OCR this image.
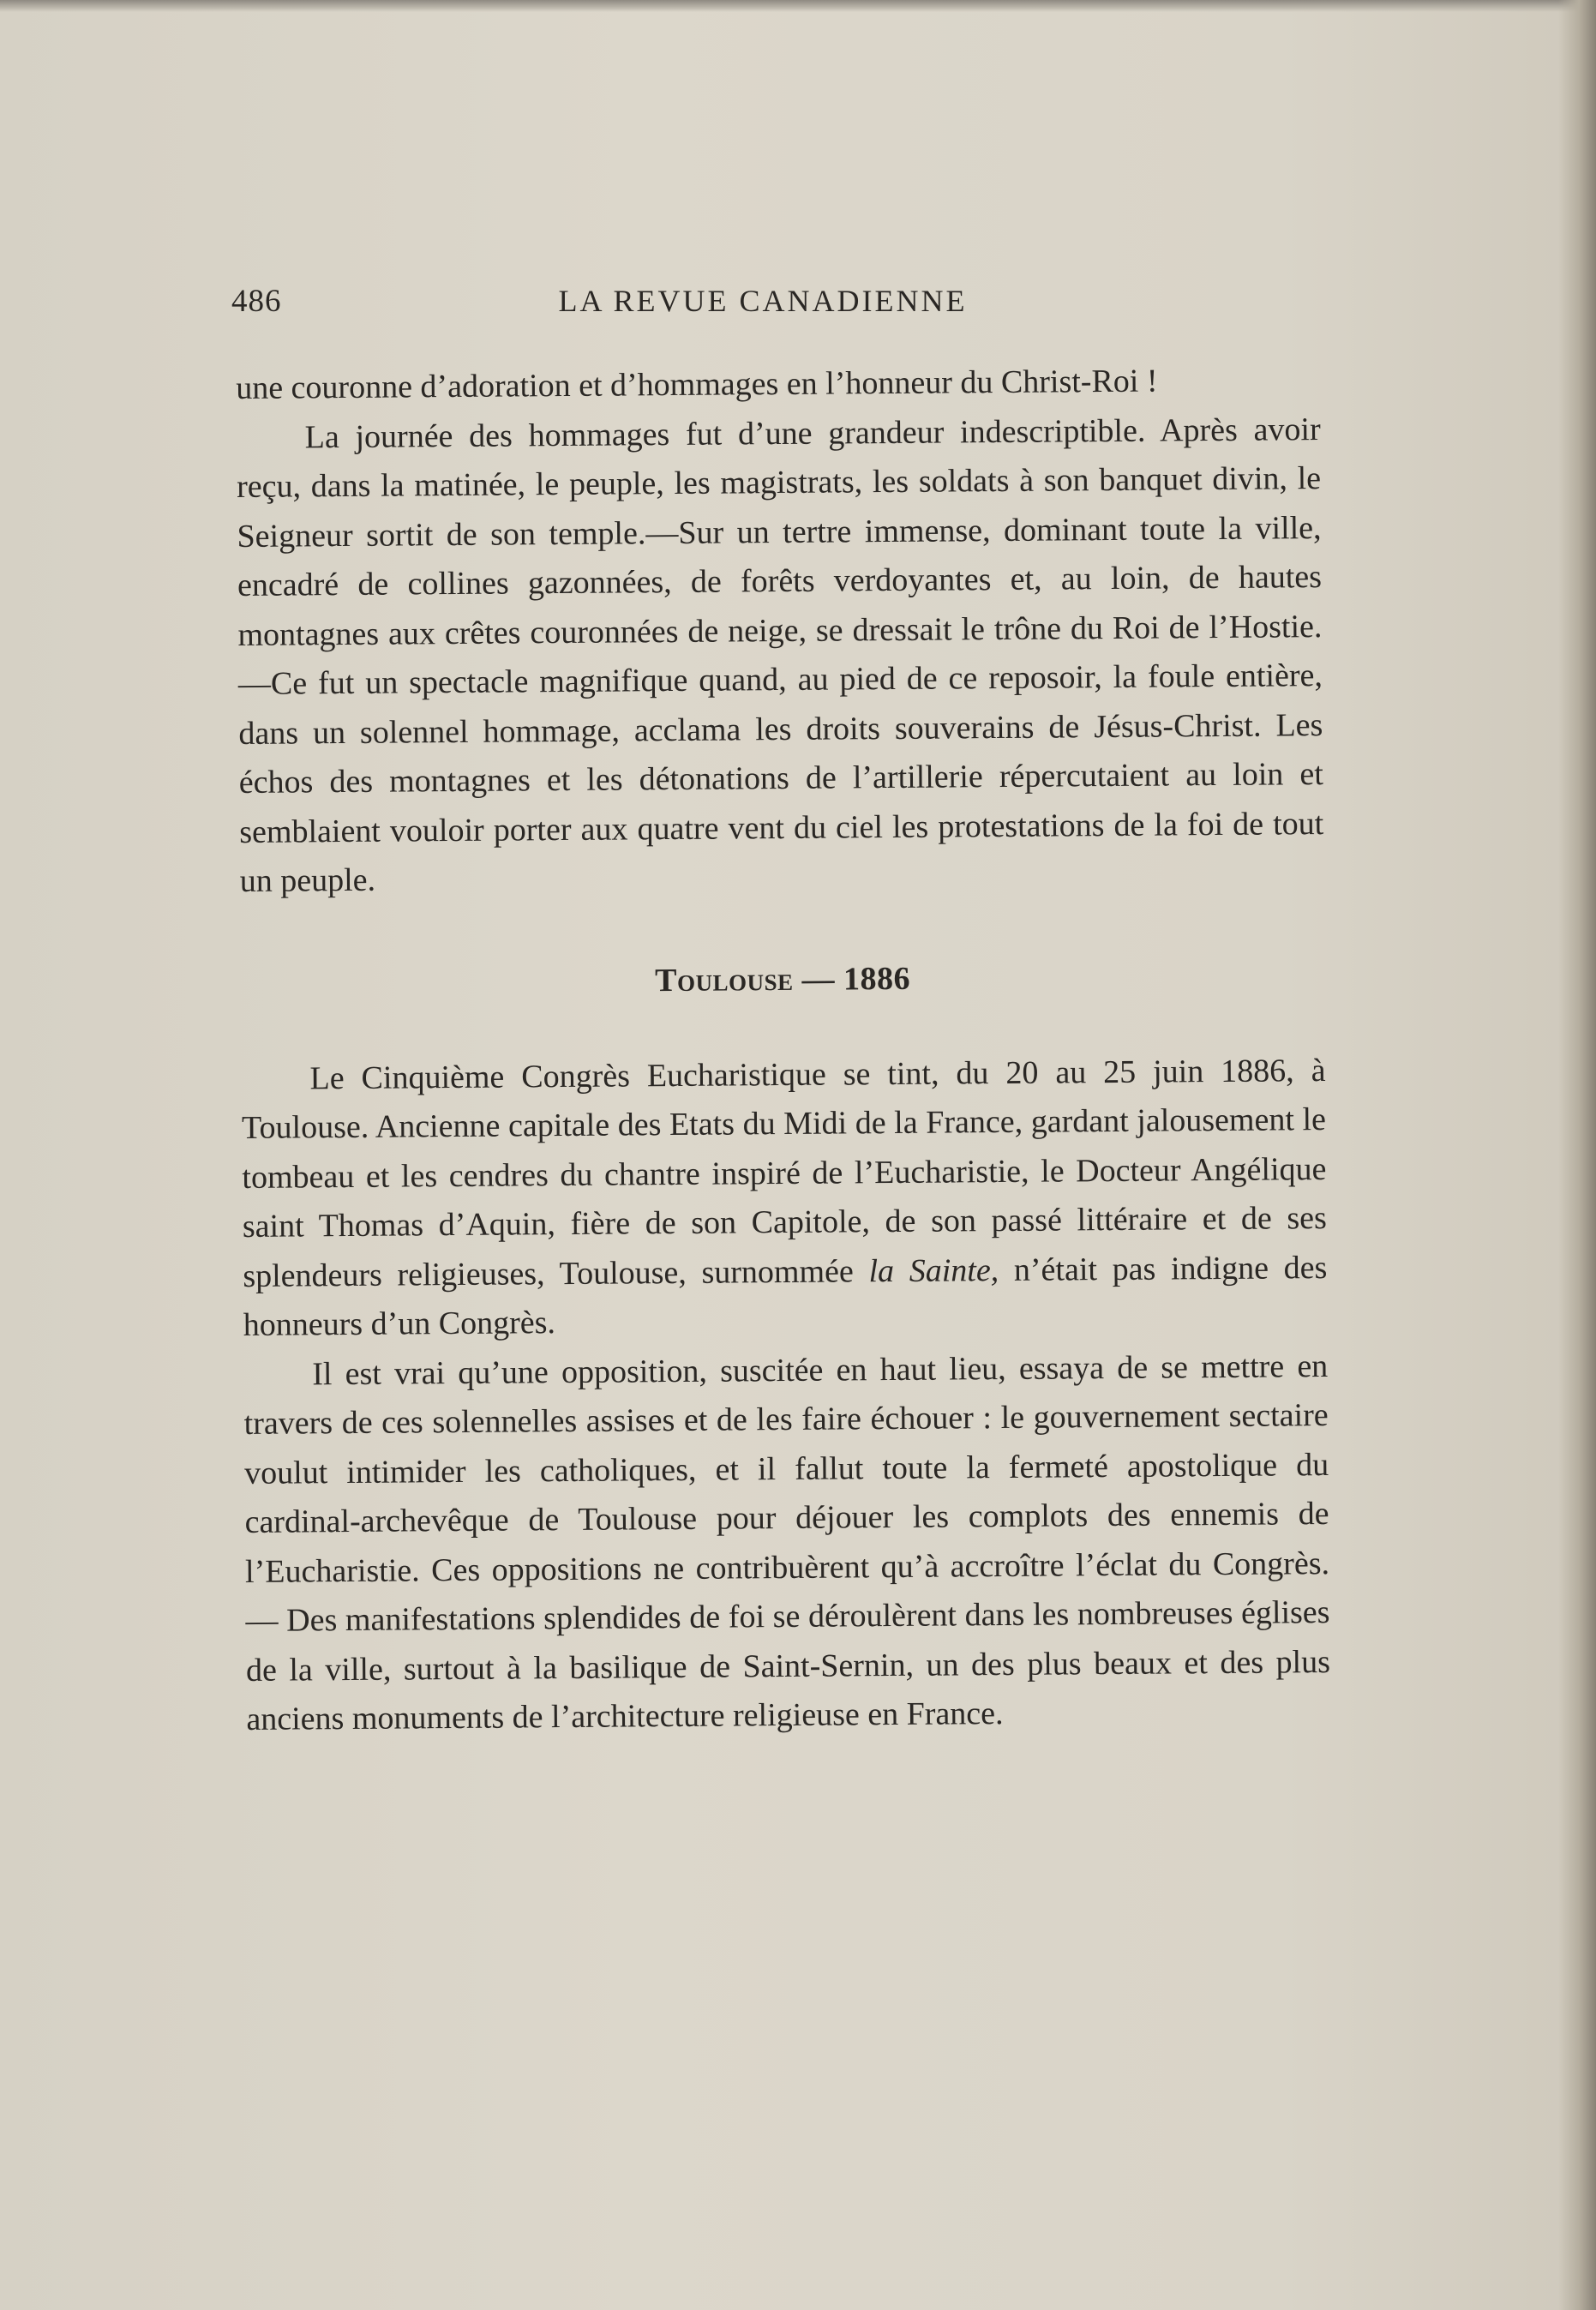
486	LA REVUE CANADIENNE

une couronne d’adoration et d’hommages en l’honneur du Christ-Roi !

La journée des hommages fut d’une grandeur indescriptible. Après avoir reçu, dans la matinée, le peuple, les magistrats, les soldats à son banquet divin, le Seigneur sortit de son temple.—Sur un tertre immense, dominant toute la ville, encadré de collines gazonnées, de forêts verdoyantes et, au loin, de hautes montagnes aux crêtes couronnées de neige, se dressait le trône du Roi de l’Hostie.—Ce fut un spectacle magnifique quand, au pied de ce reposoir, la foule entière, dans un solennel hommage, acclama les droits souverains de Jésus-Christ. Les échos des montagnes et les détonations de l’artillerie répercutaient au loin et semblaient vouloir porter aux quatre vent du ciel les protestations de la foi de tout un peuple.

Toulouse — 1886

Le Cinquième Congrès Eucharistique se tint, du 20 au 25 juin 1886, à Toulouse. Ancienne capitale des Etats du Midi de la France, gardant jalousement le tombeau et les cendres du chantre inspiré de l’Eucharistie, le Docteur Angélique saint Thomas d’Aquin, fière de son Capitole, de son passé littéraire et de ses splendeurs religieuses, Toulouse, surnommée la Sainte, n’était pas indigne des honneurs d’un Congrès.

Il est vrai qu’une opposition, suscitée en haut lieu, essaya de se mettre en travers de ces solennelles assises et de les faire échouer : le gouvernement sectaire voulut intimider les catholiques, et il fallut toute la fermeté apostolique du cardinal-archevêque de Toulouse pour déjouer les complots des ennemis de l’Eucharistie. Ces oppositions ne contribuèrent qu’à accroître l’éclat du Congrès. — Des manifestations splendides de foi se déroulèrent dans les nombreuses églises de la ville, surtout à la basilique de Saint-Sernin, un des plus beaux et des plus anciens monuments de l’architecture religieuse en France.
